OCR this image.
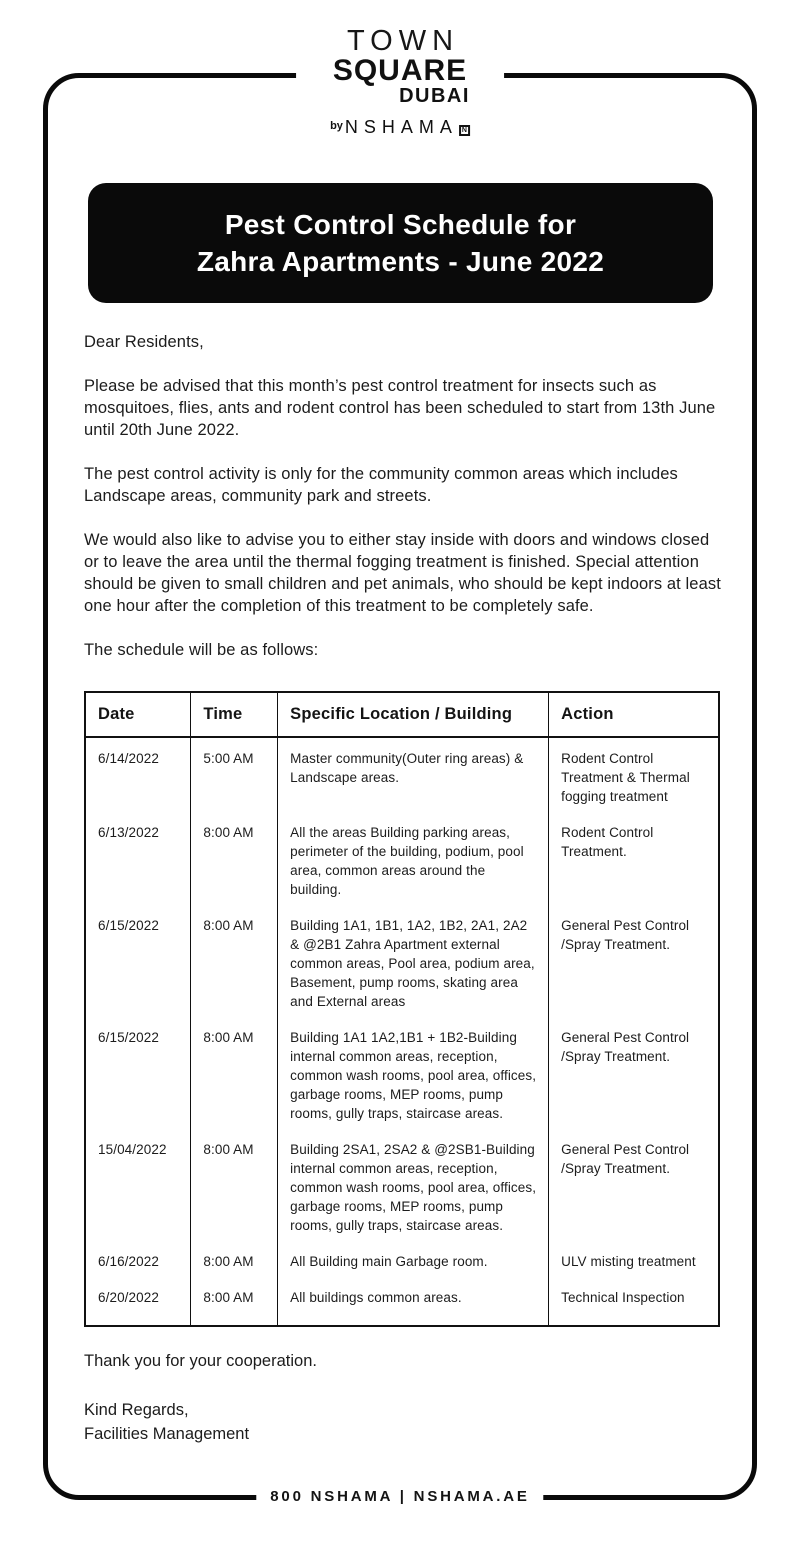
TOWN
SQUARE
DUBAI
by NSHAMA N
Pest Control Schedule for
Zahra Apartments - June 2022

Dear Residents,

Please be advised that this month’s pest control treatment for insects such as mosquitoes, flies, ants and rodent control has been scheduled to start from 13th June until 20th June 2022.

The pest control activity is only for the community common areas which includes Landscape areas, community park and streets.

We would also like to advise you to either stay inside with doors and windows closed or to leave the area until the thermal fogging treatment is finished. Special attention should be given to small children and pet animals, who should be kept indoors at least one hour after the completion of this treatment to be completely safe.

The schedule will be as follows:

Date	Time	Specific Location / Building	Action
6/14/2022	5:00 AM	Master community(Outer ring areas) & Landscape areas.	Rodent Control Treatment & Thermal fogging treatment
6/13/2022	8:00 AM	All the areas Building parking areas, perimeter of the building, podium, pool area, common areas around the building.	Rodent Control Treatment.
6/15/2022	8:00 AM	Building 1A1, 1B1, 1A2, 1B2, 2A1, 2A2 & @2B1 Zahra Apartment external common areas, Pool area, podium area, Basement, pump rooms, skating area and External areas	General Pest Control /Spray Treatment.
6/15/2022	8:00 AM	Building 1A1 1A2,1B1 + 1B2-Building internal common areas, reception, common wash rooms, pool area, offices, garbage rooms, MEP rooms, pump rooms, gully traps, staircase areas.	General Pest Control /Spray Treatment.
15/04/2022	8:00 AM	Building 2SA1, 2SA2 & @2SB1-Building internal common areas, reception, common wash rooms, pool area, offices, garbage rooms, MEP rooms, pump rooms, gully traps, staircase areas.	General Pest Control /Spray Treatment.
6/16/2022	8:00 AM	All Building main Garbage room.	ULV misting treatment
6/20/2022	8:00 AM	All buildings common areas.	Technical Inspection

Thank you for your cooperation.

Kind Regards,

Facilities Management

800 NSHAMA | NSHAMA.AE
